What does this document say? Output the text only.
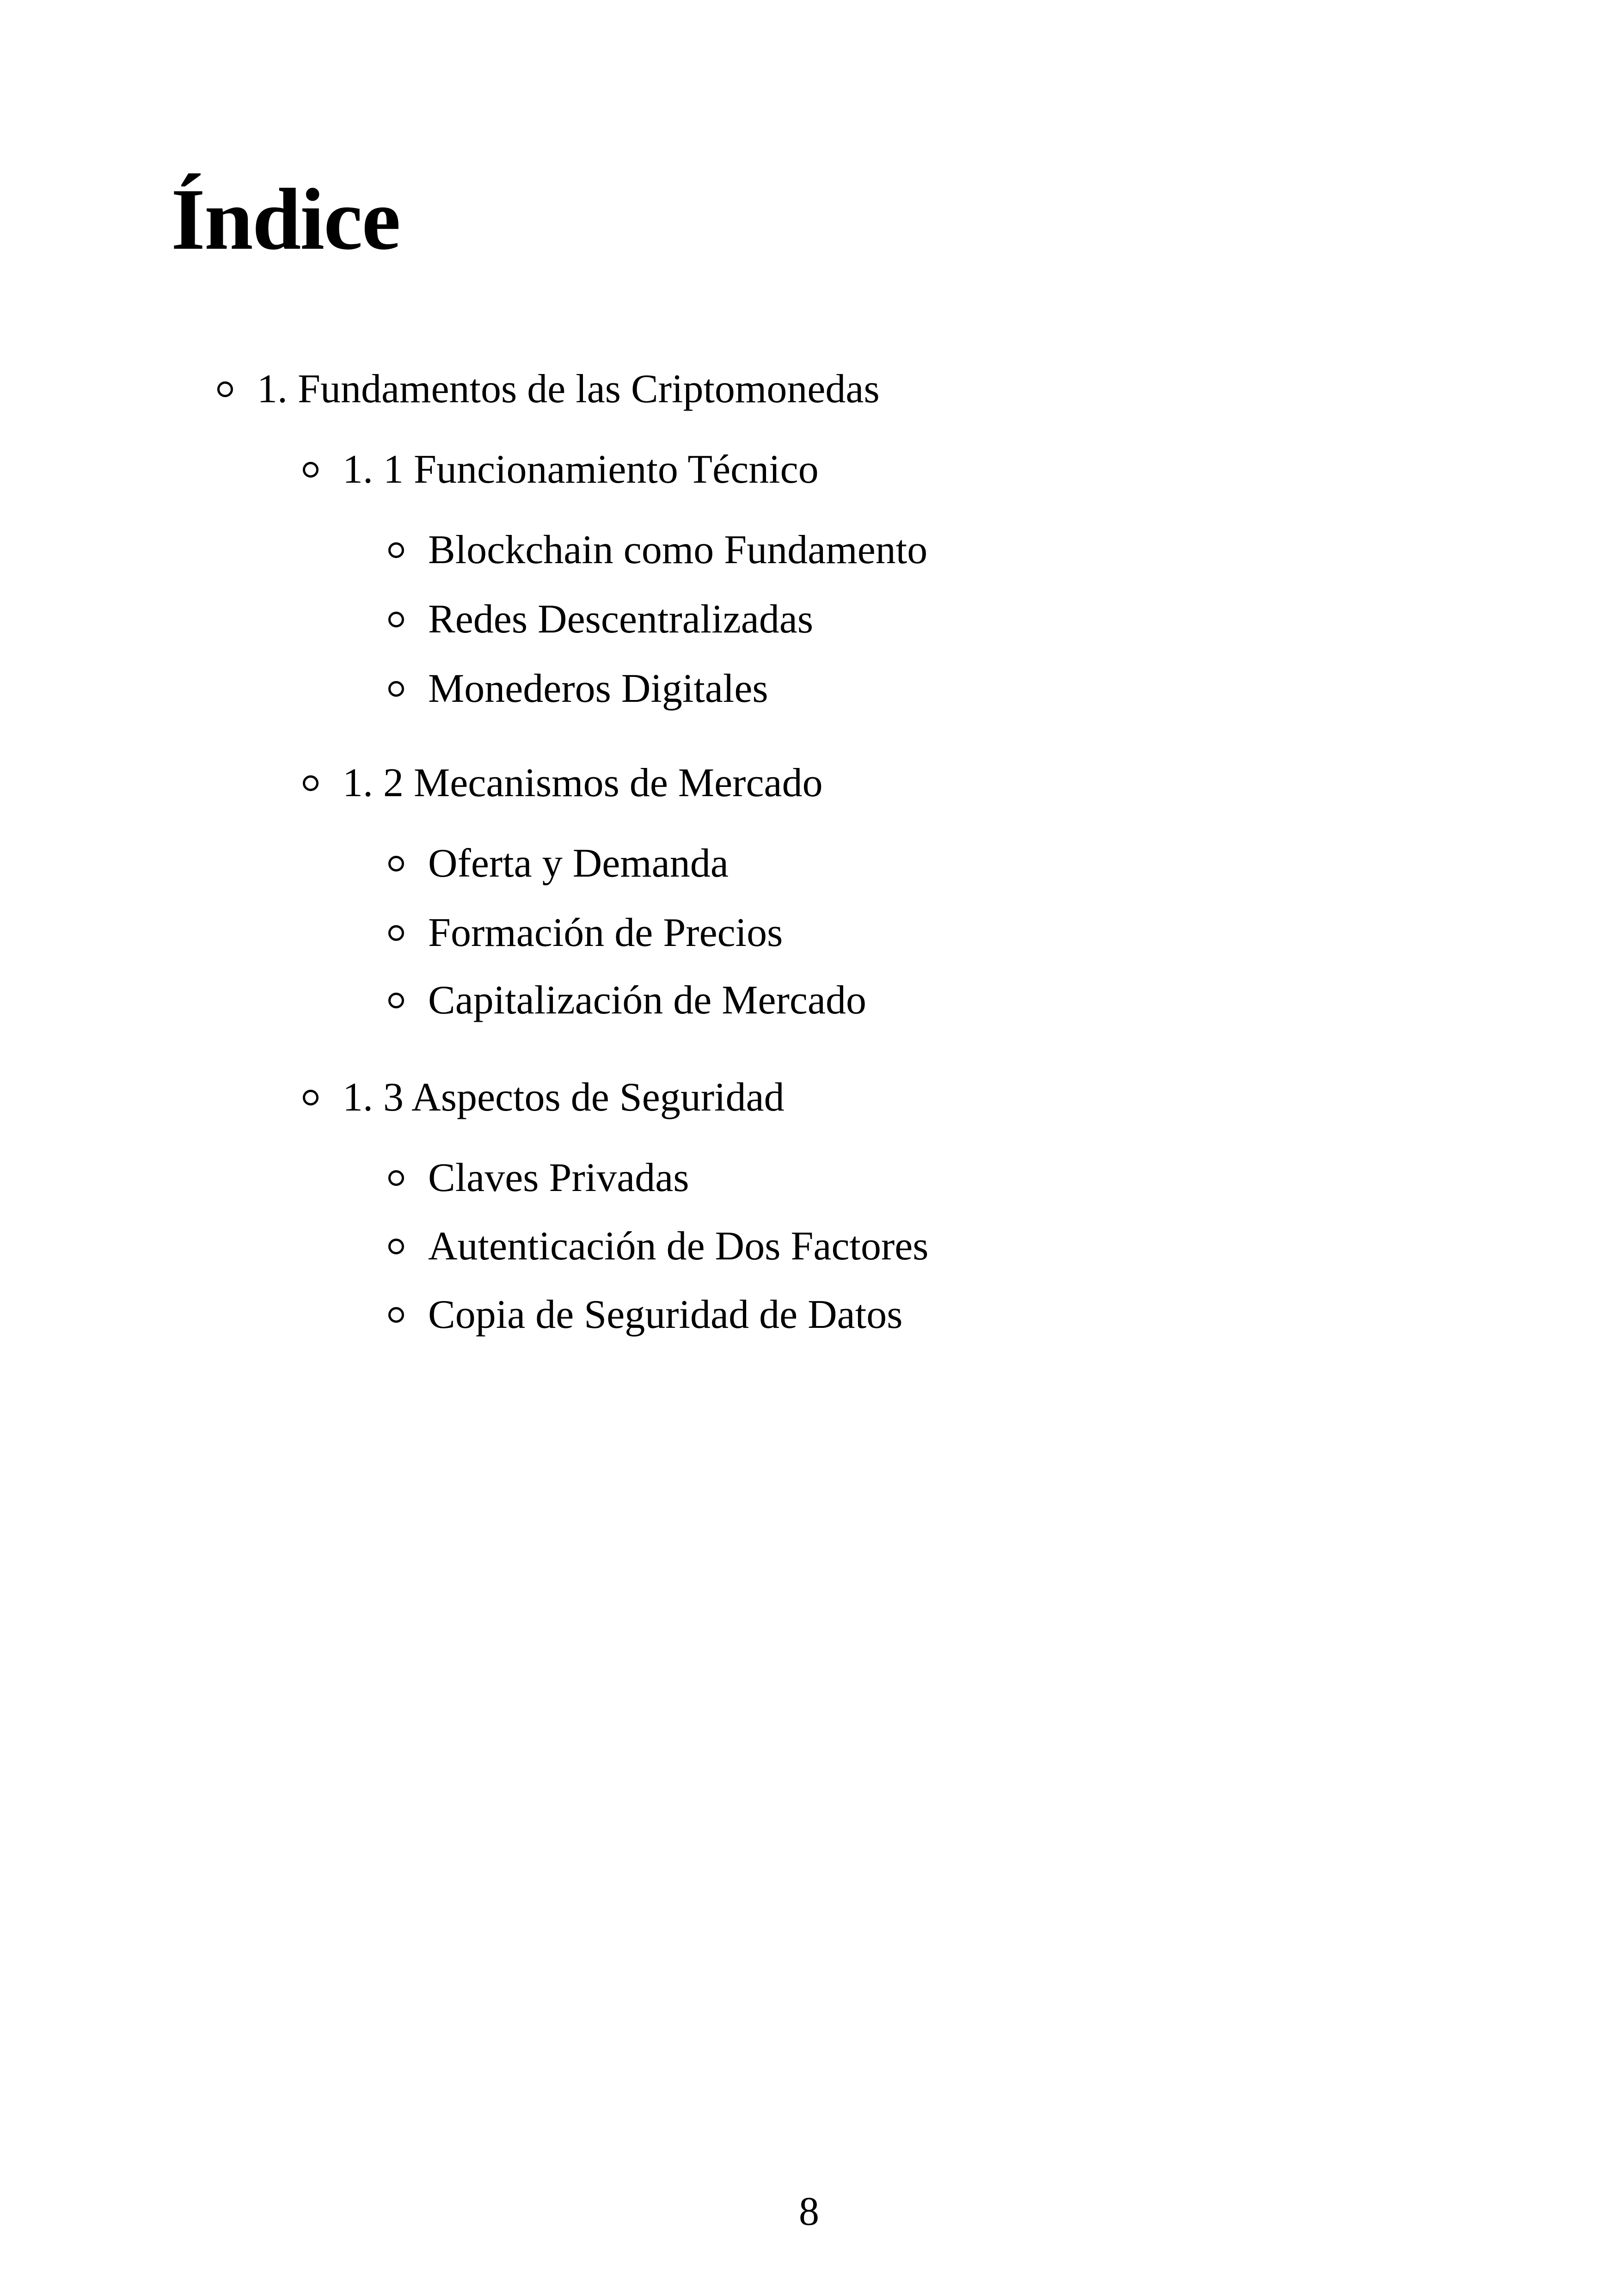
Índice
1. Fundamentos de las Criptomonedas
1. 1 Funcionamiento Técnico
Blockchain como Fundamento
Redes Descentralizadas
Monederos Digitales
1. 2 Mecanismos de Mercado
Oferta y Demanda
Formación de Precios
Capitalización de Mercado
1. 3 Aspectos de Seguridad
Claves Privadas
Autenticación de Dos Factores
Copia de Seguridad de Datos
8
